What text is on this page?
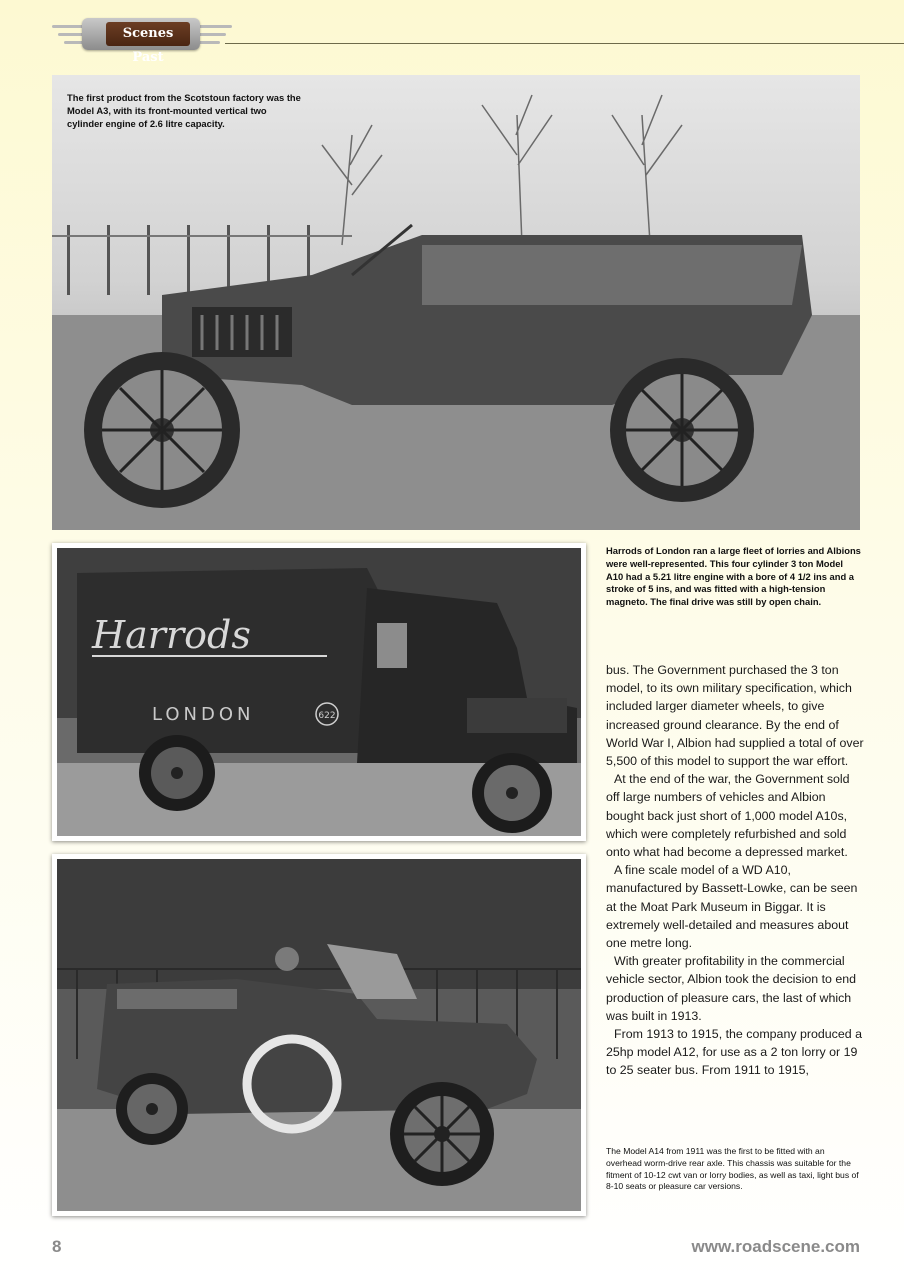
Scenes Past
The first product from the Scotstoun factory was the Model A3, with its front-mounted vertical two cylinder engine of 2.6 litre capacity.
Harrods
LONDON	622
Harrods of London ran a large fleet of lorries and Albions were well-represented. This four cylinder 3 ton Model A10 had a 5.21 litre engine with a bore of 4 1/2 ins and a stroke of 5 ins, and was fitted with a high-tension magneto. The final drive was still by open chain.
The Model A14 from 1911 was the first to be fitted with an overhead worm-drive rear axle. This chassis was suitable for the fitment of 10-12 cwt van or lorry bodies, as well as taxi, light bus of 8-10 seats or pleasure car versions.

bus. The Government purchased the 3 ton model, to its own military specification, which included larger diameter wheels, to give increased ground clearance. By the end of World War I, Albion had supplied a total of over 5,500 of this model to support the war effort.

At the end of the war, the Government sold off large numbers of vehicles and Albion bought back just short of 1,000 model A10s, which were completely refurbished and sold onto what had become a depressed market.

A fine scale model of a WD A10, manufactured by Bassett-Lowke, can be seen at the Moat Park Museum in Biggar. It is extremely well-detailed and measures about one metre long.

With greater profitability in the commercial vehicle sector, Albion took the decision to end production of pleasure cars, the last of which was built in 1913.

From 1913 to 1915, the company produced a 25hp model A12, for use as a 2 ton lorry or 19 to 25 seater bus. From 1911 to 1915,

8	www.roadscene.com
